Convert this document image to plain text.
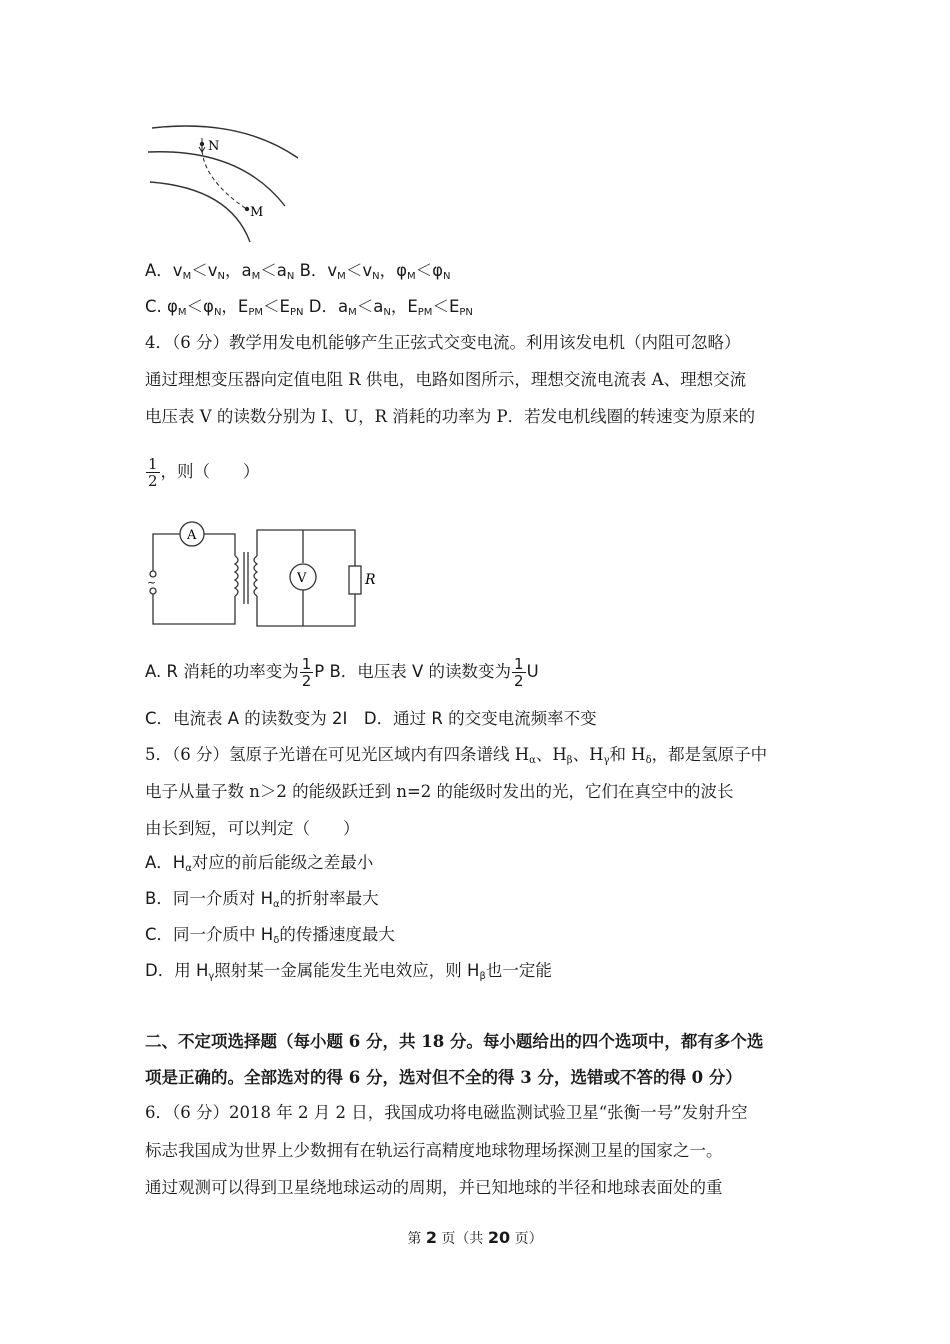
N
M
A．$v_M<v_N$，$a_M<a_N$ B．$v_M<v_N$，$\varphi_M<\varphi_N$
C. $\varphi_M<\varphi_N$，$E_{PM}<E_{PN}$ D．$a_M<a_N$，$E_{PM}<E_{PN}$
4．（6 分）教学用发电机能够产生正弦式交变电流。利用该发电机（内阻可忽略）
通过理想变压器向定值电阻 R 供电，电路如图所示，理想交流电流表 A、理想交流
电压表 V 的读数分别为 I、U，R 消耗的功率为 P．若发电机线圈的转速变为原来的
$\frac{1}{2}$ ，则（　　）
A
V	R
~
A. R 消耗的功率变为 $\frac{1}{2}$ P B．电压表 V 的读数变为 $\frac{1}{2}$ U
C．电流表 A 的读数变为 2I　D．通过 R 的交变电流频率不变
5．（6 分）氢原子光谱在可见光区域内有四条谱线 $H_\alpha$、$H_\beta$、$H_\gamma$和 $H_\delta$，都是氢原子中
电子从量子数 n＞2 的能级跃迁到 n=2 的能级时发出的光，它们在真空中的波长
由长到短，可以判定（　　）
A．$H_\alpha$对应的前后能级之差最小
B．同一介质对 $H_\alpha$的折射率最大
C．同一介质中 $H_\delta$的传播速度最大
D．用 $H_\gamma$照射某一金属能发生光电效应，则 $H_\beta$也一定能
二、不定项选择题（每小题 6 分，共 18 分。每小题给出的四个选项中，都有多个选
项是正确的。全部选对的得 6 分，选对但不全的得 3 分，选错或不答的得 0 分）
6．（6 分）2018 年 2 月 2 日，我国成功将电磁监测试验卫星“张衡一号”发射升空
标志我国成为世界上少数拥有在轨运行高精度地球物理场探测卫星的国家之一。
通过观测可以得到卫星绕地球运动的周期，并已知地球的半径和地球表面处的重
第 2 页（共 20 页）
